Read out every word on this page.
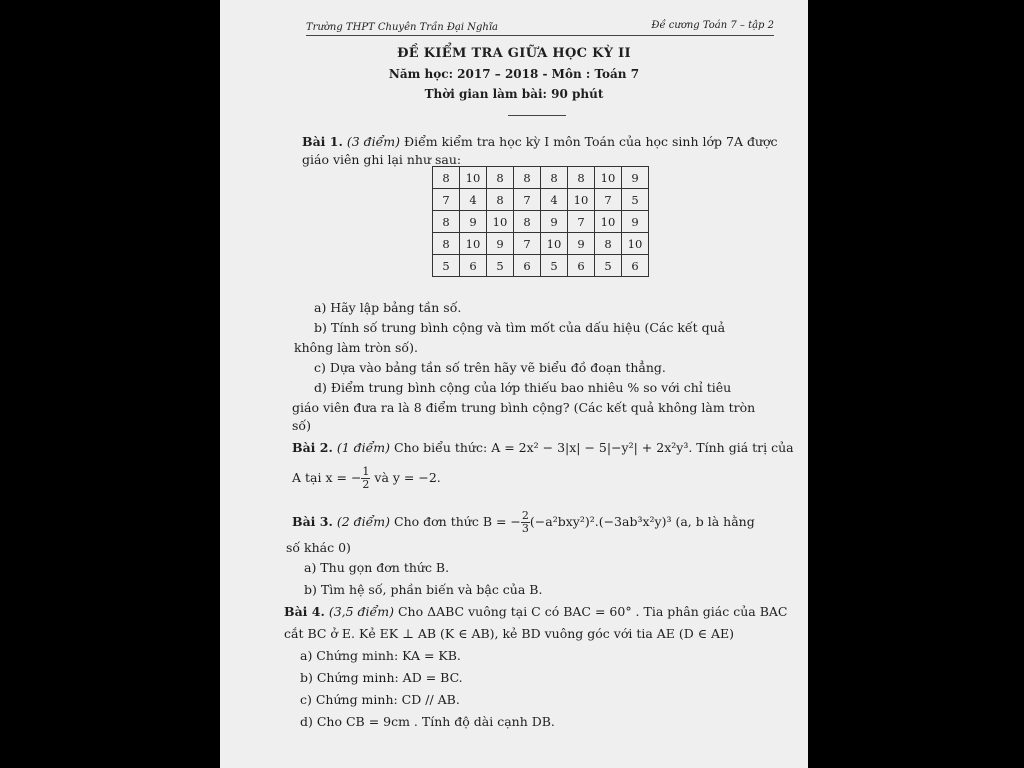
Trường THPT Chuyên Trần Đại Nghĩa	Đề cương Toán 7 – tập 2

ĐỀ KIỂM TRA GIỮA HỌC KỲ II
Năm học: 2017 – 2018 - Môn : Toán 7
Thời gian làm bài: 90 phút
Bài 1. (3 điểm) Điểm kiểm tra học kỳ I môn Toán của học sinh lớp 7A được
giáo viên ghi lại như sau:
8	10	8	8	8	8	10	9
7	4	8	7	4	10	7	5
8	9	10	8	9	7	10	9
8	10	9	7	10	9	8	10
5	6	5	6	5	6	5	6
a) Hãy lập bảng tần số.
b) Tính số trung bình cộng và tìm mốt của dấu hiệu (Các kết quả
không làm tròn số).
c) Dựa vào bảng tần số trên hãy vẽ biểu đồ đoạn thẳng.
d) Điểm trung bình cộng của lớp thiếu bao nhiêu % so với chỉ tiêu
giáo viên đưa ra là 8 điểm trung bình cộng? (Các kết quả không làm tròn
số)
Bài 2. (1 điểm) Cho biểu thức: A = 2x² − 3|x| − 5|−y²| + 2x²y³. Tính giá trị của
A tại x = − $\frac{1}{2}$ và y = −2.
Bài 3. (2 điểm) Cho đơn thức B = − $\frac{2}{3} (-a^2bxy^2)^2.(-3ab^3x^2y)^3$ (a, b là hằng
số khác 0)
a) Thu gọn đơn thức B.
b) Tìm hệ số, phần biến và bậc của B.
Bài 4. (3,5 điểm) Cho ΔABC vuông tại C có BAC = 60° . Tia phân giác của BAC
cắt BC ở E. Kẻ EK ⊥ AB (K ∈ AB), kẻ BD vuông góc với tia AE (D ∈ AE)
a) Chứng minh: KA = KB.
b) Chứng minh: AD = BC.
c) Chứng minh: CD // AB.
d) Cho CB = 9cm . Tính độ dài cạnh DB.
